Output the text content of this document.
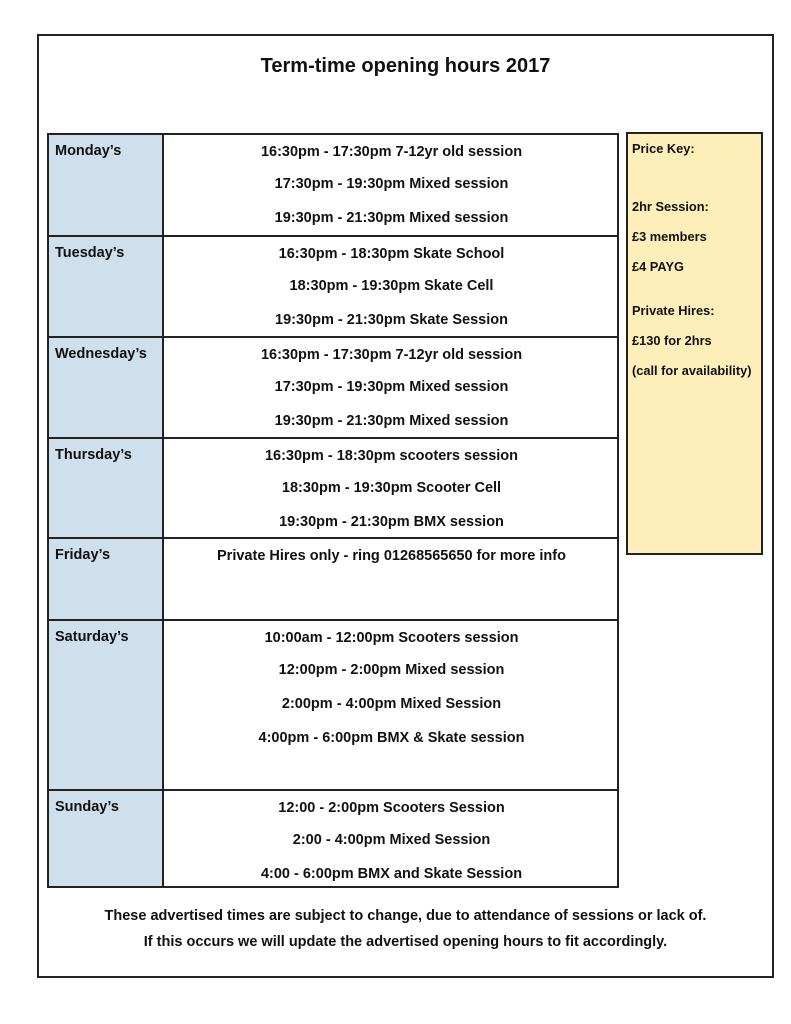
Term-time opening hours 2017
Monday’s	16:30pm - 17:30pm 7-12yr old session
17:30pm - 19:30pm Mixed session
19:30pm - 21:30pm Mixed session
Tuesday’s	16:30pm - 18:30pm Skate School
18:30pm - 19:30pm Skate Cell
19:30pm - 21:30pm Skate Session
Wednesday’s	16:30pm - 17:30pm 7-12yr old session
17:30pm - 19:30pm Mixed session
19:30pm - 21:30pm Mixed session
Thursday’s	16:30pm - 18:30pm scooters session
18:30pm - 19:30pm Scooter Cell
19:30pm - 21:30pm BMX session
Friday’s	Private Hires only - ring 01268565650 for more info
Saturday’s	10:00am - 12:00pm Scooters session
12:00pm - 2:00pm Mixed session
2:00pm - 4:00pm Mixed Session
4:00pm - 6:00pm BMX & Skate session
Sunday’s	12:00 - 2:00pm Scooters Session
2:00 - 4:00pm Mixed Session
4:00 - 6:00pm BMX and Skate Session
Price Key:
2hr Session:
£3 members
£4 PAYG
Private Hires:
£130 for 2hrs
(call for availability)
These advertised times are subject to change, due to attendance of sessions or lack of.
If this occurs we will update the advertised opening hours to fit accordingly.
